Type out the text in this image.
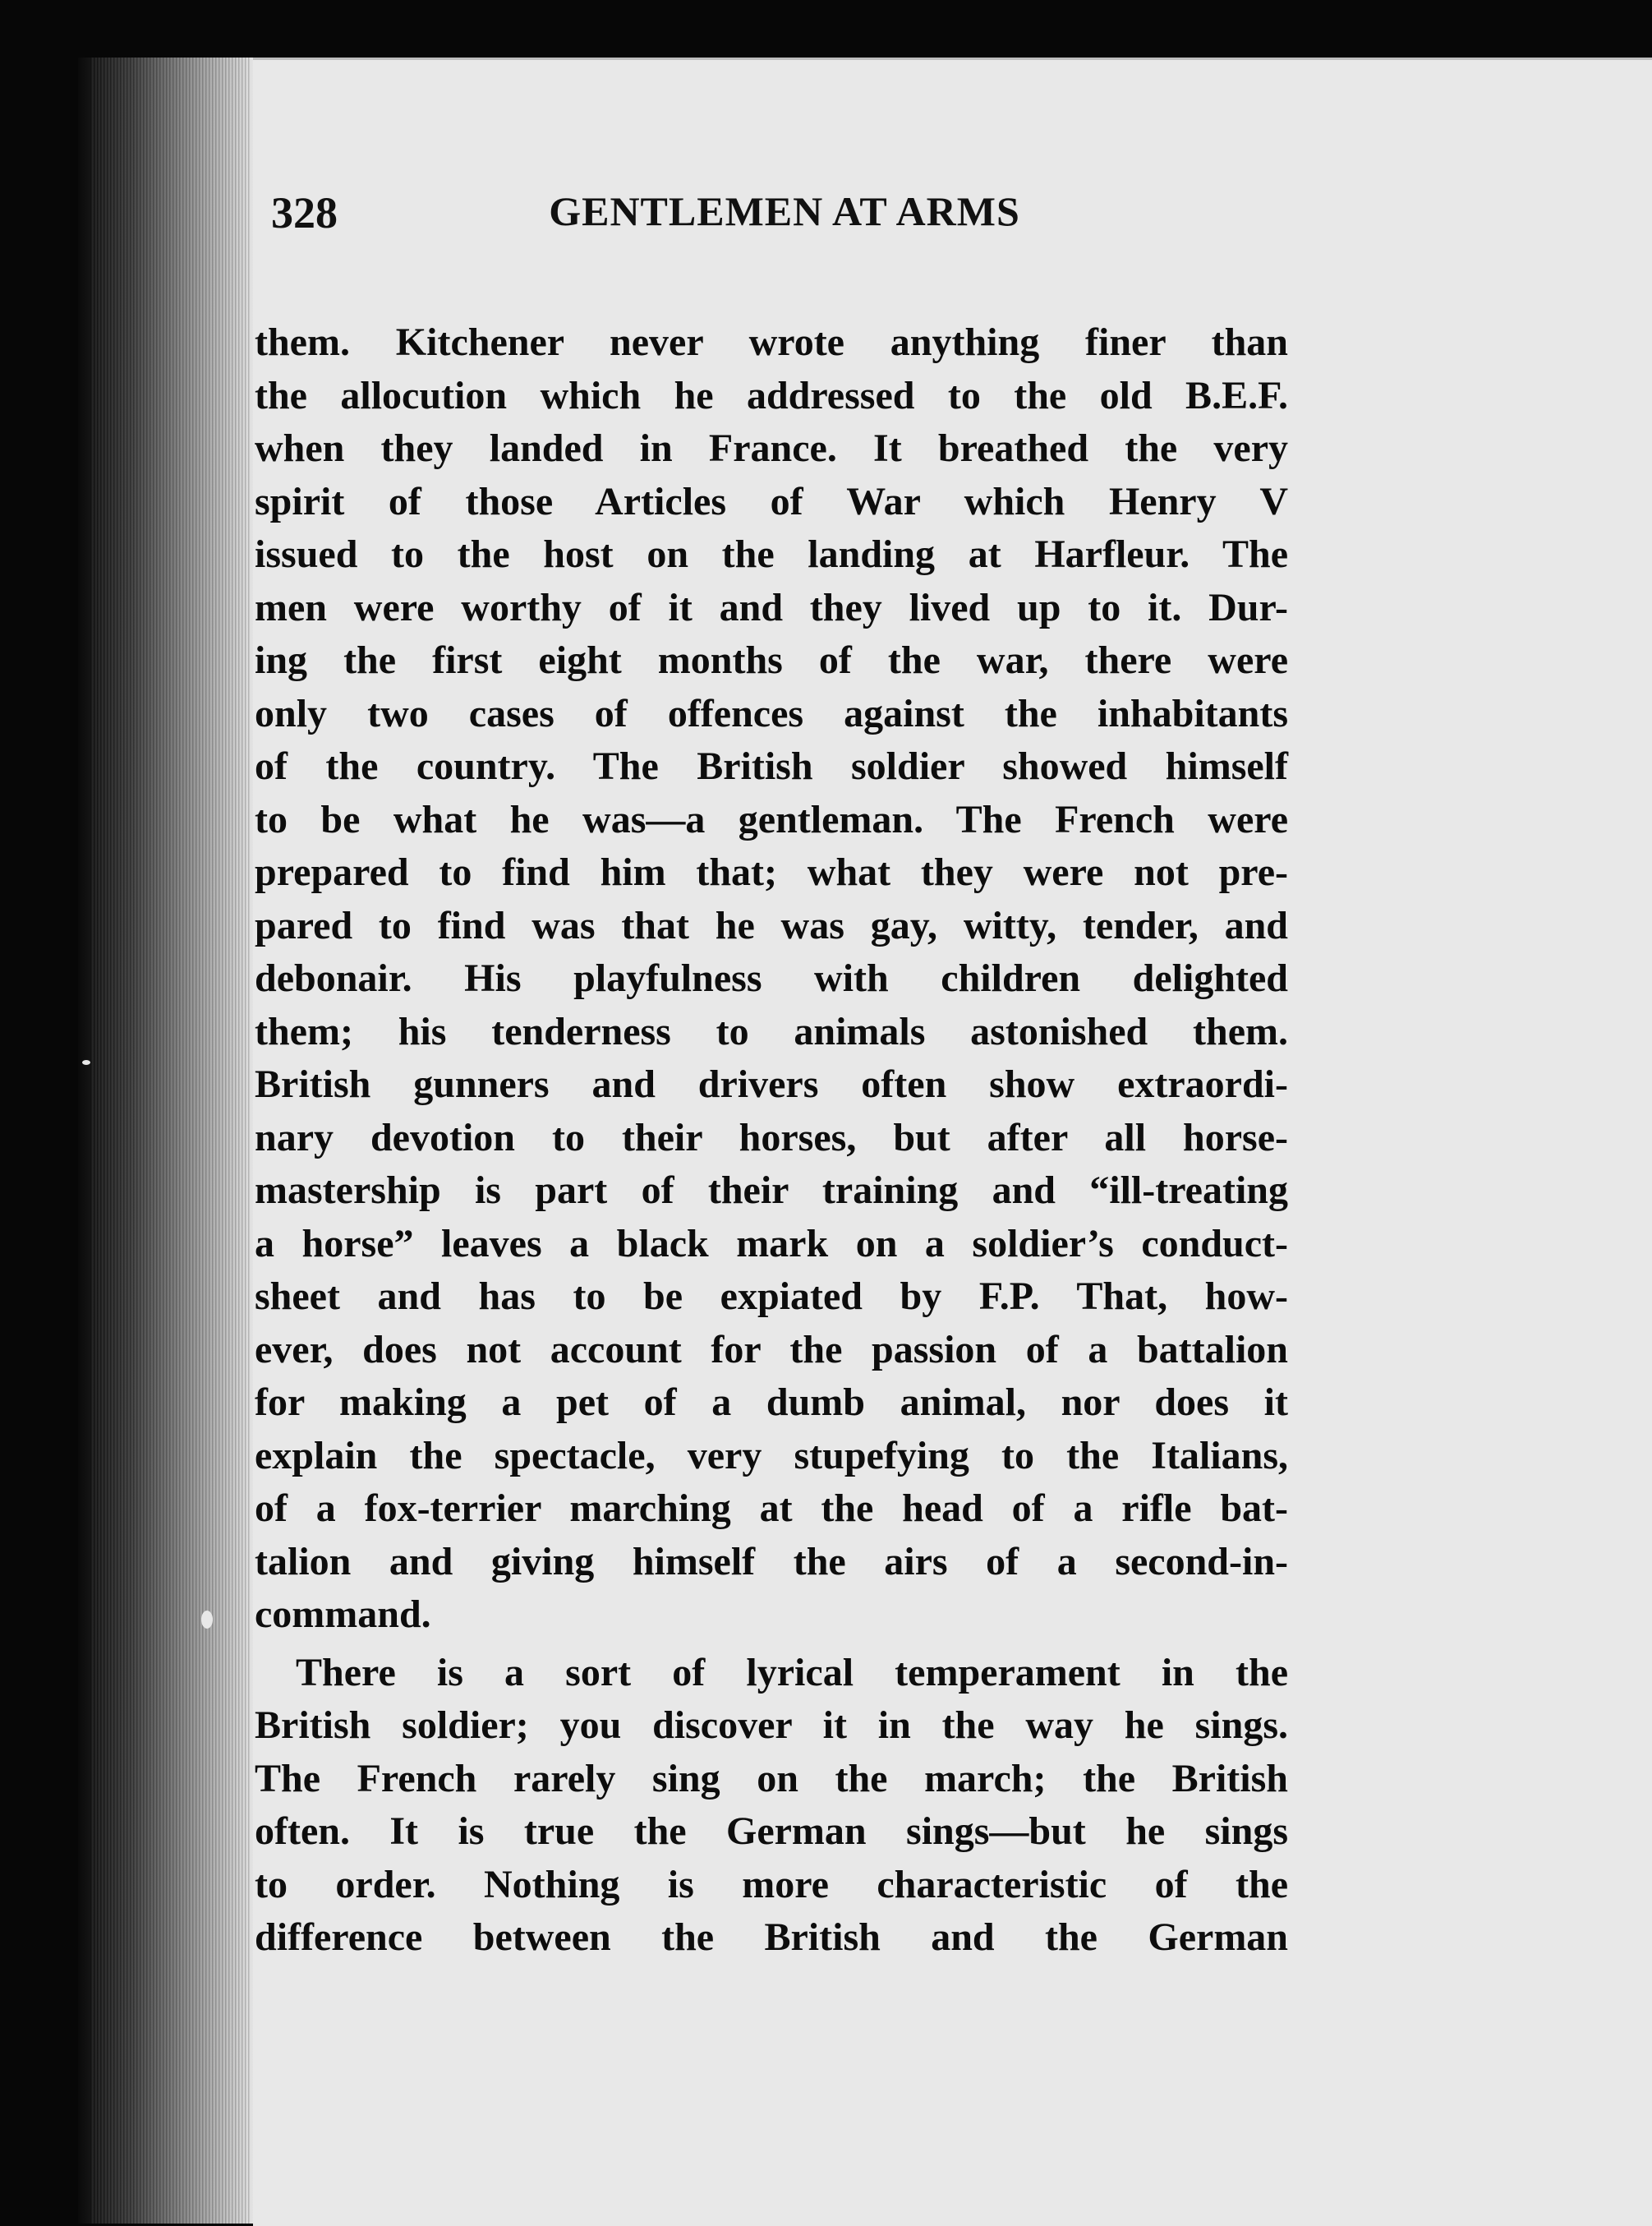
328	GENTLEMEN AT ARMS
them. Kitchener never wrote anything finer than
the allocution which he addressed to the old B.E.F.
when they landed in France. It breathed the very
spirit of those Articles of War which Henry V
issued to the host on the landing at Harfleur. The
men were worthy of it and they lived up to it. Dur-
ing the first eight months of the war, there were
only two cases of offences against the inhabitants
of the country. The British soldier showed himself
to be what he was—a gentleman. The French were
prepared to find him that; what they were not pre-
pared to find was that he was gay, witty, tender, and
debonair. His playfulness with children delighted
them; his tenderness to animals astonished them.
British gunners and drivers often show extraordi-
nary devotion to their horses, but after all horse-
mastership is part of their training and “ill-treating
a horse” leaves a black mark on a soldier’s conduct-
sheet and has to be expiated by F.P. That, how-
ever, does not account for the passion of a battalion
for making a pet of a dumb animal, nor does it
explain the spectacle, very stupefying to the Italians,
of a fox-terrier marching at the head of a rifle bat-
talion and giving himself the airs of a second-in-
command.
There is a sort of lyrical temperament in the
British soldier; you discover it in the way he sings.
The French rarely sing on the march; the British
often. It is true the German sings—but he sings
to order. Nothing is more characteristic of the
difference between the British and the German
